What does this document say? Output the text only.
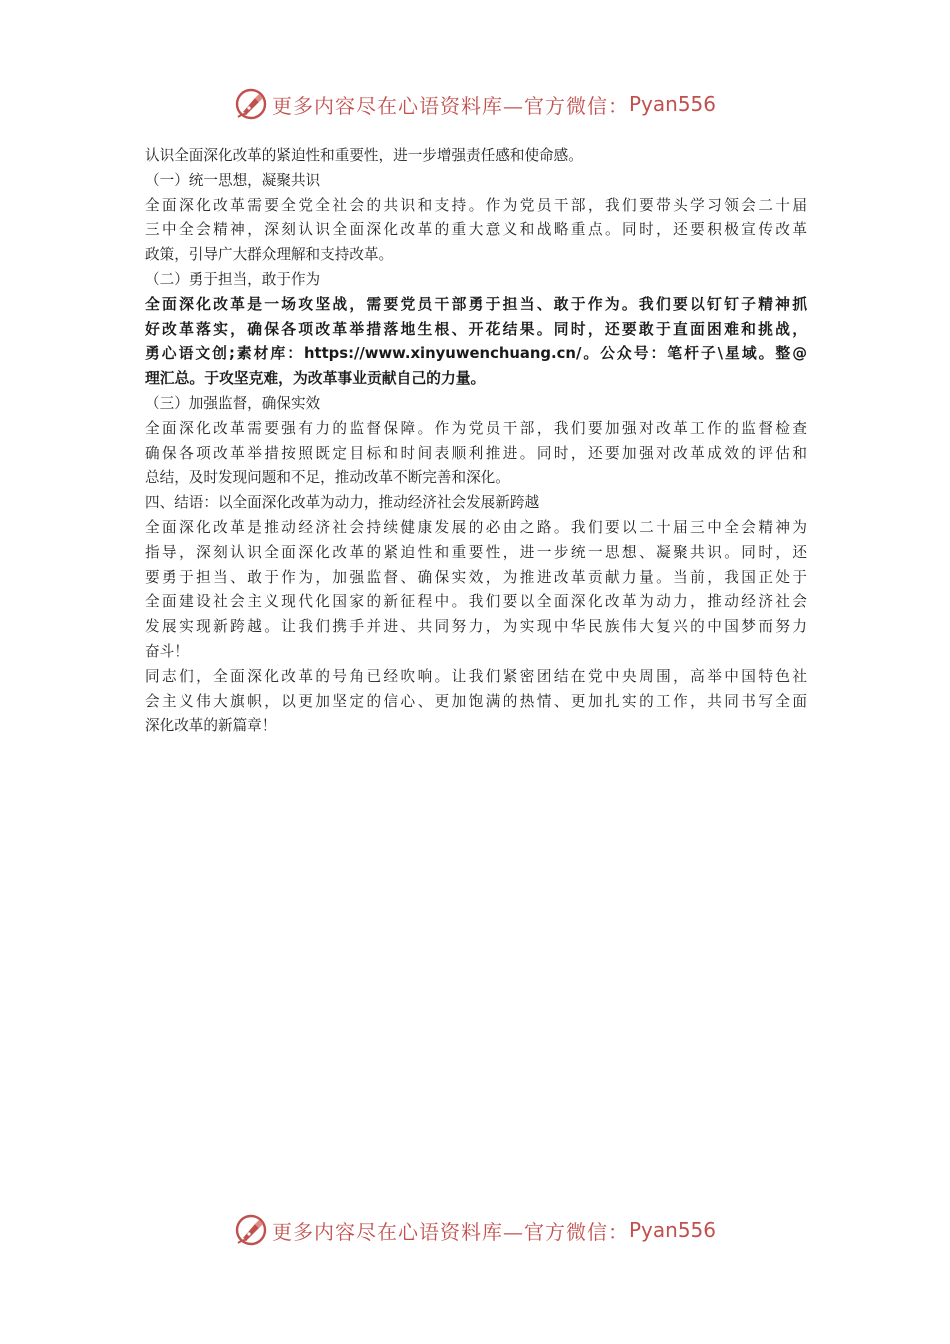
更多内容尽在心语资料库—官方微信： Pyan556

认识全面深化改革的紧迫性和重要性，进一步增强责任感和使命感。

（一）统一思想，凝聚共识

全面深化改革需要全党全社会的共识和支持。作为党员干部，我们要带头学习领会二十届

三中全会精神，深刻认识全面深化改革的重大意义和战略重点。同时，还要积极宣传改革

政策，引导广大群众理解和支持改革。

（二）勇于担当，敢于作为

全面深化改革是一场攻坚战，需要党员干部勇于担当、敢于作为。我们要以钉钉子精神抓

好改革落实，确保各项改革举措落地生根、开花结果。同时，还要敢于直面困难和挑战，

勇心语文创;素材库：https://www.xinyuwenchuang.cn/。公众号：笔杆子\星域。整@

理汇总。于攻坚克难，为改革事业贡献自己的力量。

（三）加强监督，确保实效

全面深化改革需要强有力的监督保障。作为党员干部，我们要加强对改革工作的监督检查

确保各项改革举措按照既定目标和时间表顺利推进。同时，还要加强对改革成效的评估和

总结，及时发现问题和不足，推动改革不断完善和深化。

四、结语：以全面深化改革为动力，推动经济社会发展新跨越

全面深化改革是推动经济社会持续健康发展的必由之路。我们要以二十届三中全会精神为

指导，深刻认识全面深化改革的紧迫性和重要性，进一步统一思想、凝聚共识。同时，还

要勇于担当、敢于作为，加强监督、确保实效，为推进改革贡献力量。当前，我国正处于

全面建设社会主义现代化国家的新征程中。我们要以全面深化改革为动力，推动经济社会

发展实现新跨越。让我们携手并进、共同努力，为实现中华民族伟大复兴的中国梦而努力

奋斗！

同志们，全面深化改革的号角已经吹响。让我们紧密团结在党中央周围，高举中国特色社

会主义伟大旗帜，以更加坚定的信心、更加饱满的热情、更加扎实的工作，共同书写全面

深化改革的新篇章！

更多内容尽在心语资料库—官方微信： Pyan556
